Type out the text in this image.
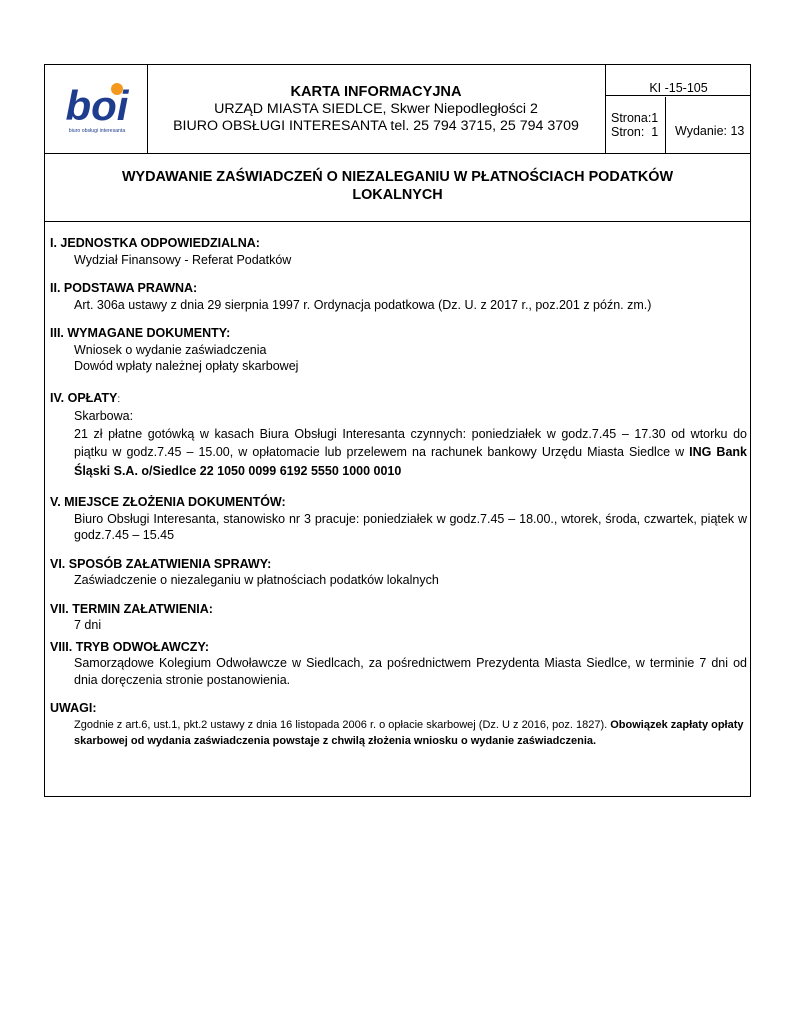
boi
biuro obsługi interesanta
KARTA INFORMACYJNA
URZĄD MIASTA SIEDLCE, Skwer Niepodległości 2
BIURO OBSŁUGI INTERESANTA tel. 25 794 3715, 25 794 3709
KI -15-105
Strona:1
Stron:  1	Wydanie: 13
WYDAWANIE ZAŚWIADCZEŃ O NIEZALEGANIU W PŁATNOŚCIACH PODATKÓW
LOKALNYCH
I. JEDNOSTKA ODPOWIEDZIALNA:
Wydział Finansowy - Referat Podatków
II. PODSTAWA PRAWNA:
Art. 306a ustawy z dnia 29 sierpnia 1997 r. Ordynacja podatkowa (Dz. U. z 2017 r., poz.201 z późn. zm.)
III. WYMAGANE DOKUMENTY:
Wniosek o wydanie zaświadczenia
Dowód wpłaty należnej opłaty skarbowej
IV. OPŁATY:
Skarbowa:
21 zł płatne gotówką w kasach Biura Obsługi Interesanta czynnych: poniedziałek w godz.7.45 – 17.30 od wtorku do piątku w godz.7.45 – 15.00, w opłatomacie lub przelewem na rachunek bankowy Urzędu Miasta Siedlce w ING Bank Śląski S.A. o/Siedlce 22 1050 0099 6192 5550 1000 0010
V. MIEJSCE ZŁOŻENIA DOKUMENTÓW:
Biuro Obsługi Interesanta, stanowisko nr 3 pracuje: poniedziałek w godz.7.45 – 18.00., wtorek, środa, czwartek, piątek w godz.7.45 – 15.45
VI. SPOSÓB ZAŁATWIENIA SPRAWY:
Zaświadczenie o niezaleganiu w płatnościach podatków lokalnych
VII. TERMIN ZAŁATWIENIA:
7 dni
VIII. TRYB ODWOŁAWCZY:
Samorządowe Kolegium Odwoławcze w Siedlcach, za pośrednictwem Prezydenta Miasta Siedlce, w terminie 7 dni od dnia doręczenia stronie postanowienia.
UWAGI:
Zgodnie z art.6, ust.1, pkt.2 ustawy z dnia 16 listopada 2006 r. o opłacie skarbowej (Dz. U z 2016, poz. 1827). Obowiązek zapłaty opłaty skarbowej od wydania zaświadczenia powstaje z chwilą złożenia wniosku o wydanie zaświadczenia.
